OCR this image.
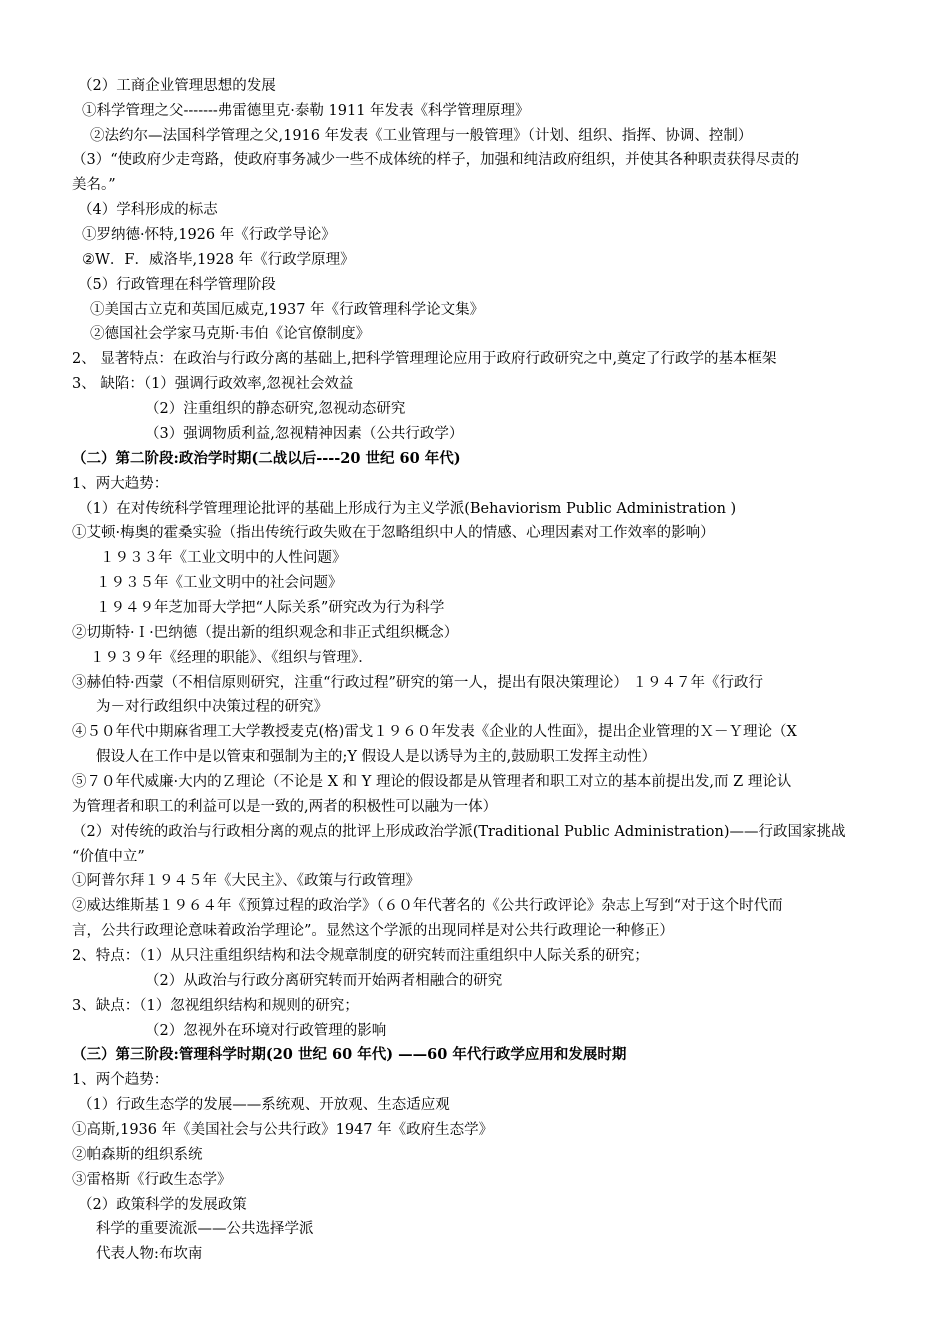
（2）工商企业管理思想的发展
①科学管理之父-------弗雷德里克·泰勒 1911 年发表《科学管理原理》
②法约尔—法国科学管理之父,1916 年发表《工业管理与一般管理》（计划、组织、指挥、协调、控制）
（3）“使政府少走弯路，使政府事务减少一些不成体统的样子，加强和纯洁政府组织，并使其各种职责获得尽责的
美名。”
（4）学科形成的标志
①罗纳德·怀特,1926 年《行政学导论》
②W．F．威洛毕,1928 年《行政学原理》
（5）行政管理在科学管理阶段
①美国古立克和英国厄威克,1937 年《行政管理科学论文集》
②德国社会学家马克斯·韦伯《论官僚制度》
2、 显著特点：在政治与行政分离的基础上,把科学管理理论应用于政府行政研究之中,奠定了行政学的基本框架
3、 缺陷：（1）强调行政效率,忽视社会效益
（2）注重组织的静态研究,忽视动态研究
（3）强调物质利益,忽视精神因素（公共行政学）
（二）第二阶段:政治学时期(二战以后----20 世纪 60 年代)
1、两大趋势：
（1）在对传统科学管理理论批评的基础上形成行为主义学派(Behaviorism Public Administration )
①艾顿·梅奥的霍桑实验（指出传统行政失败在于忽略组织中人的情感、心理因素对工作效率的影响）
１９３３年《工业文明中的人性问题》
１９３５年《工业文明中的社会问题》
１９４９年芝加哥大学把“人际关系”研究改为行为科学
②切斯特·Ｉ·巴纳德（提出新的组织观念和非正式组织概念）
１９３９年《经理的职能》、《组织与管理》．
③赫伯特·西蒙（不相信原则研究，注重“行政过程”研究的第一人，提出有限决策理论） １９４７年《行政行
为－对行政组织中决策过程的研究》
④５０年代中期麻省理工大学教授麦克(格)雷戈１９６０年发表《企业的人性面》，提出企业管理的Ｘ－Ｙ理论（X
假设人在工作中是以管束和强制为主的;Y 假设人是以诱导为主的,鼓励职工发挥主动性）
⑤７０年代威廉·大内的Ｚ理论（不论是 X 和 Y 理论的假设都是从管理者和职工对立的基本前提出发,而 Z 理论认
为管理者和职工的利益可以是一致的,两者的积极性可以融为一体）
（2）对传统的政治与行政相分离的观点的批评上形成政治学派(Traditional Public Administration)——行政国家挑战
“价值中立”
①阿普尔拜１９４５年《大民主》、《政策与行政管理》
②威达维斯基１９６４年《预算过程的政治学》（６０年代著名的《公共行政评论》杂志上写到“对于这个时代而
言，公共行政理论意味着政治学理论”。显然这个学派的出现同样是对公共行政理论一种修正）
2、特点：（1）从只注重组织结构和法令规章制度的研究转而注重组织中人际关系的研究；
（2）从政治与行政分离研究转而开始两者相融合的研究
3、缺点：（1）忽视组织结构和规则的研究；
（2）忽视外在环境对行政管理的影响
（三）第三阶段:管理科学时期(20 世纪 60 年代) ——60 年代行政学应用和发展时期
1、两个趋势：
（1）行政生态学的发展——系统观、开放观、生态适应观
①高斯,1936 年《美国社会与公共行政》1947 年《政府生态学》
②帕森斯的组织系统
③雷格斯《行政生态学》
（2）政策科学的发展政策
科学的重要流派——公共选择学派
代表人物:布坎南
